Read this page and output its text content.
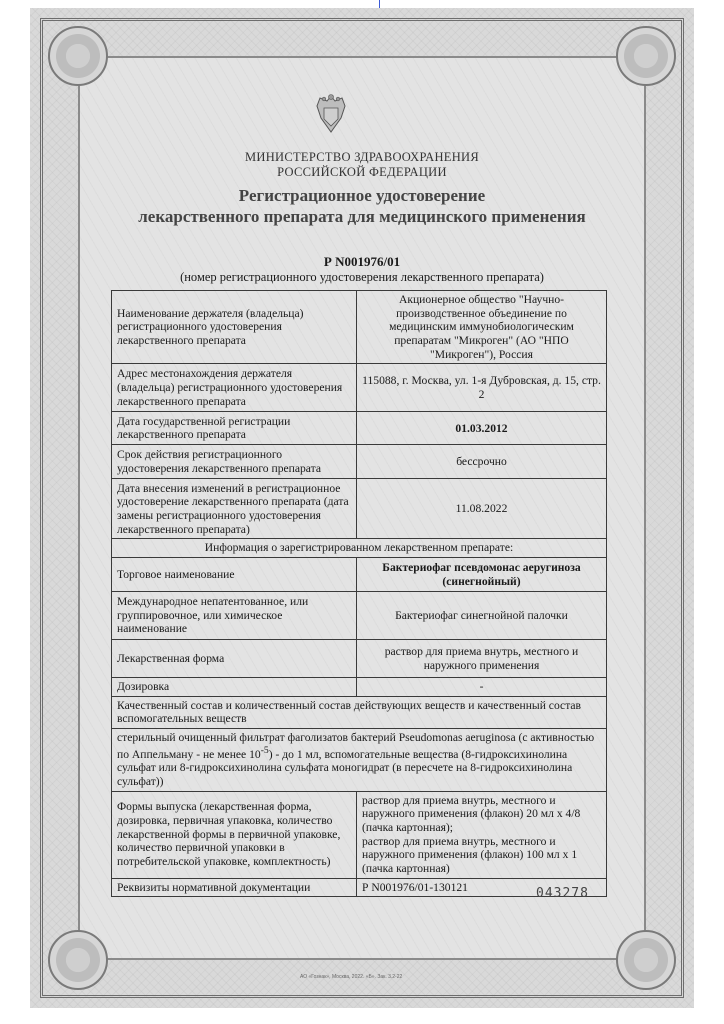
МИНИСТЕРСТВО ЗДРАВООХРАНЕНИЯ
РОССИЙСКОЙ ФЕДЕРАЦИИ
Регистрационное удостоверение
лекарственного препарата для медицинского применения
Р N001976/01
(номер регистрационного удостоверения лекарственного препарата)
Наименование держателя (владельца) регистрационного удостоверения лекарственного препарата	Акционерное общество "Научно-производственное объединение по медицинским иммунобиологическим препаратам "Микроген" (АО "НПО "Микроген"), Россия
Адрес местонахождения держателя (владельца) регистрационного удостоверения лекарственного препарата	115088, г. Москва, ул. 1-я Дубровская, д. 15, стр. 2
Дата государственной регистрации лекарственного препарата	01.03.2012
Срок действия регистрационного удостоверения лекарственного препарата	бессрочно
Дата внесения изменений в регистрационное удостоверение лекарственного препарата (дата замены регистрационного удостоверения лекарственного препарата)	11.08.2022
Информация о зарегистрированном лекарственном препарате:	
Торговое наименование	Бактериофаг псевдомонас аеругиноза (синегнойный)
Международное непатентованное, или группировочное, или химическое наименование	Бактериофаг синегнойной палочки
Лекарственная форма	раствор для приема внутрь, местного и наружного применения
Дозировка	-
Качественный состав и количественный состав действующих веществ и качественный состав вспомогательных веществ	
стерильный очищенный фильтрат фаголизатов бактерий Pseudomonas aeruginosa (с активностью по Аппельману - не менее $10^{-5}$) - до 1 мл, вспомогательные вещества (8-гидроксихинолина сульфат или 8-гидроксихинолина сульфата моногидрат (в пересчете на 8-гидроксихинолина сульфат))	
Формы выпуска (лекарственная форма, дозировка, первичная упаковка, количество лекарственной формы в первичной упаковке, количество первичной упаковки в потребительской упаковке, комплектность)	раствор для приема внутрь, местного и наружного применения (флакон) 20 мл х 4/8 (пачка картонная);
раствор для приема внутрь, местного и наружного применения (флакон) 100 мл х 1 (пачка картонная)

Реквизиты нормативной документации	Р N001976/01-130121	043278
АО «Гознак», Москва, 2022. «Б». Зак. 3.2-22
